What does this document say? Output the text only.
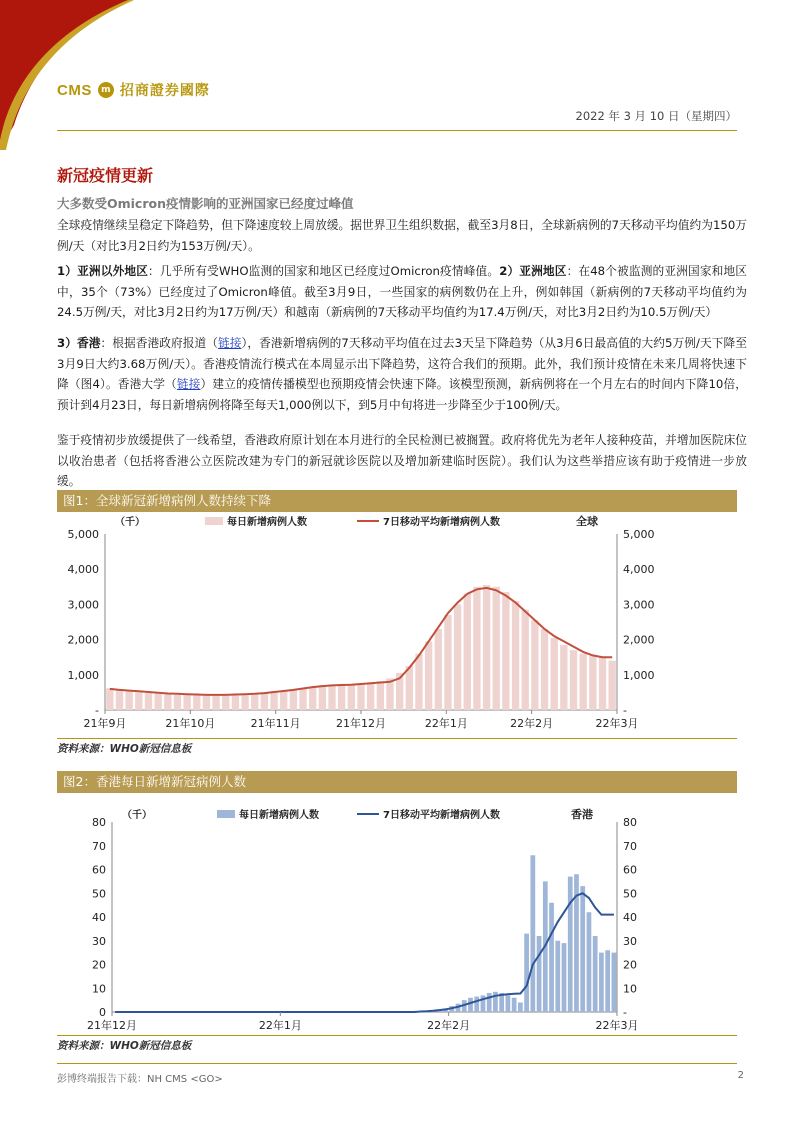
CMS	m 招商證券國際
2022 年 3 月 10 日（星期四）
新冠疫情更新
大多数受Omicron疫情影响的亚洲国家已经度过峰值
全球疫情继续呈稳定下降趋势，但下降速度较上周放缓。据世界卫生组织数据，截至3月8日，全球新病例的7天移动平均值约为150万例/天（对比3月2日约为153万例/天）。
1）亚洲以外地区：几乎所有受WHO监测的国家和地区已经度过Omicron疫情峰值。2）亚洲地区：在48个被监测的亚洲国家和地区中，35个（73%）已经度过了Omicron峰值。截至3月9日，一些国家的病例数仍在上升，例如韩国（新病例的7天移动平均值约为24.5万例/天，对比3月2日约为17万例/天）和越南（新病例的7天移动平均值约为17.4万例/天，对比3月2日约为10.5万例/天）
3）香港：根据香港政府报道（链接），香港新增病例的7天移动平均值在过去3天呈下降趋势（从3月6日最高值的大约5万例/天下降至3月9日大约3.68万例/天）。香港疫情流行模式在本周显示出下降趋势，这符合我们的预期。此外，我们预计疫情在未来几周将快速下降（图4）。香港大学（链接）建立的疫情传播模型也预期疫情会快速下降。该模型预测，新病例将在一个月左右的时间内下降10倍，预计到4月23日，每日新增病例将降至每天1,000例以下，到5月中旬将进一步降至少于100例/天。
鉴于疫情初步放缓提供了一线希望，香港政府原计划在本月进行的全民检测已被搁置。政府将优先为老年人接种疫苗，并增加医院床位以收治患者（包括将香港公立医院改建为专门的新冠就诊医院以及增加新建临时医院）。我们认为这些举措应该有助于疫情进一步放缓。
图1：全球新冠新增病例人数持续下降
-	-
1,000	1,000
2,000	2,000
3,000	3,000
4,000	4,000
5,000	5,000
21年9月	21年10月	21年11月	21年12月	22年1月	22年2月	22年3月
（千）	全球
每日新增病例人数	7日移动平均新增病例人数
资料来源：WHO新冠信息板
图2：香港每日新增新冠病例人数
0	-
10	10
20	20
30	30
40	40
50	50
60	60
70	70
80	80
21年12月	22年1月	22年2月	22年3月
（千）	香港
每日新增病例人数	7日移动平均新增病例人数
资料来源：WHO新冠信息板
彭博终端报告下载：NH CMS <GO>	2
